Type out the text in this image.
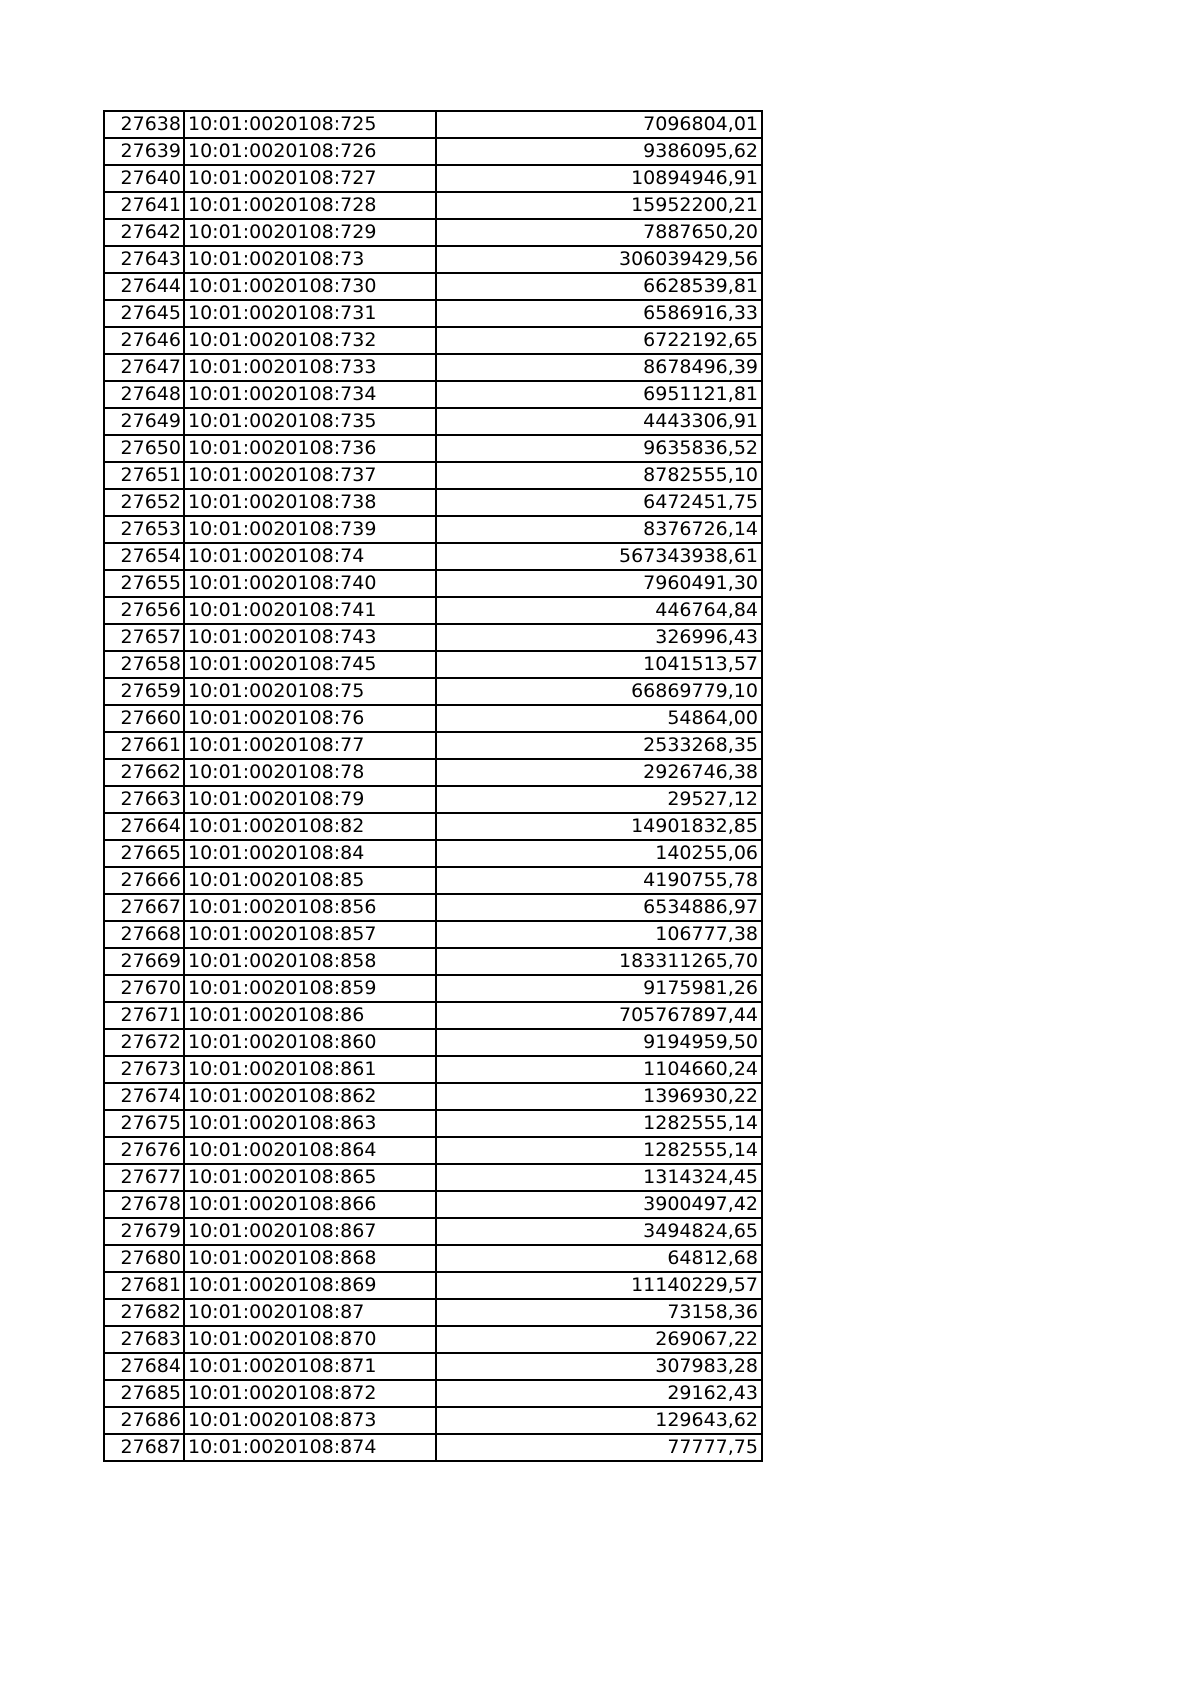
27638	10:01:0020108:725	7096804,01
27639	10:01:0020108:726	9386095,62
27640	10:01:0020108:727	10894946,91
27641	10:01:0020108:728	15952200,21
27642	10:01:0020108:729	7887650,20
27643	10:01:0020108:73	306039429,56
27644	10:01:0020108:730	6628539,81
27645	10:01:0020108:731	6586916,33
27646	10:01:0020108:732	6722192,65
27647	10:01:0020108:733	8678496,39
27648	10:01:0020108:734	6951121,81
27649	10:01:0020108:735	4443306,91
27650	10:01:0020108:736	9635836,52
27651	10:01:0020108:737	8782555,10
27652	10:01:0020108:738	6472451,75
27653	10:01:0020108:739	8376726,14
27654	10:01:0020108:74	567343938,61
27655	10:01:0020108:740	7960491,30
27656	10:01:0020108:741	446764,84
27657	10:01:0020108:743	326996,43
27658	10:01:0020108:745	1041513,57
27659	10:01:0020108:75	66869779,10
27660	10:01:0020108:76	54864,00
27661	10:01:0020108:77	2533268,35
27662	10:01:0020108:78	2926746,38
27663	10:01:0020108:79	29527,12
27664	10:01:0020108:82	14901832,85
27665	10:01:0020108:84	140255,06
27666	10:01:0020108:85	4190755,78
27667	10:01:0020108:856	6534886,97
27668	10:01:0020108:857	106777,38
27669	10:01:0020108:858	183311265,70
27670	10:01:0020108:859	9175981,26
27671	10:01:0020108:86	705767897,44
27672	10:01:0020108:860	9194959,50
27673	10:01:0020108:861	1104660,24
27674	10:01:0020108:862	1396930,22
27675	10:01:0020108:863	1282555,14
27676	10:01:0020108:864	1282555,14
27677	10:01:0020108:865	1314324,45
27678	10:01:0020108:866	3900497,42
27679	10:01:0020108:867	3494824,65
27680	10:01:0020108:868	64812,68
27681	10:01:0020108:869	11140229,57
27682	10:01:0020108:87	73158,36
27683	10:01:0020108:870	269067,22
27684	10:01:0020108:871	307983,28
27685	10:01:0020108:872	29162,43
27686	10:01:0020108:873	129643,62
27687	10:01:0020108:874	77777,75
